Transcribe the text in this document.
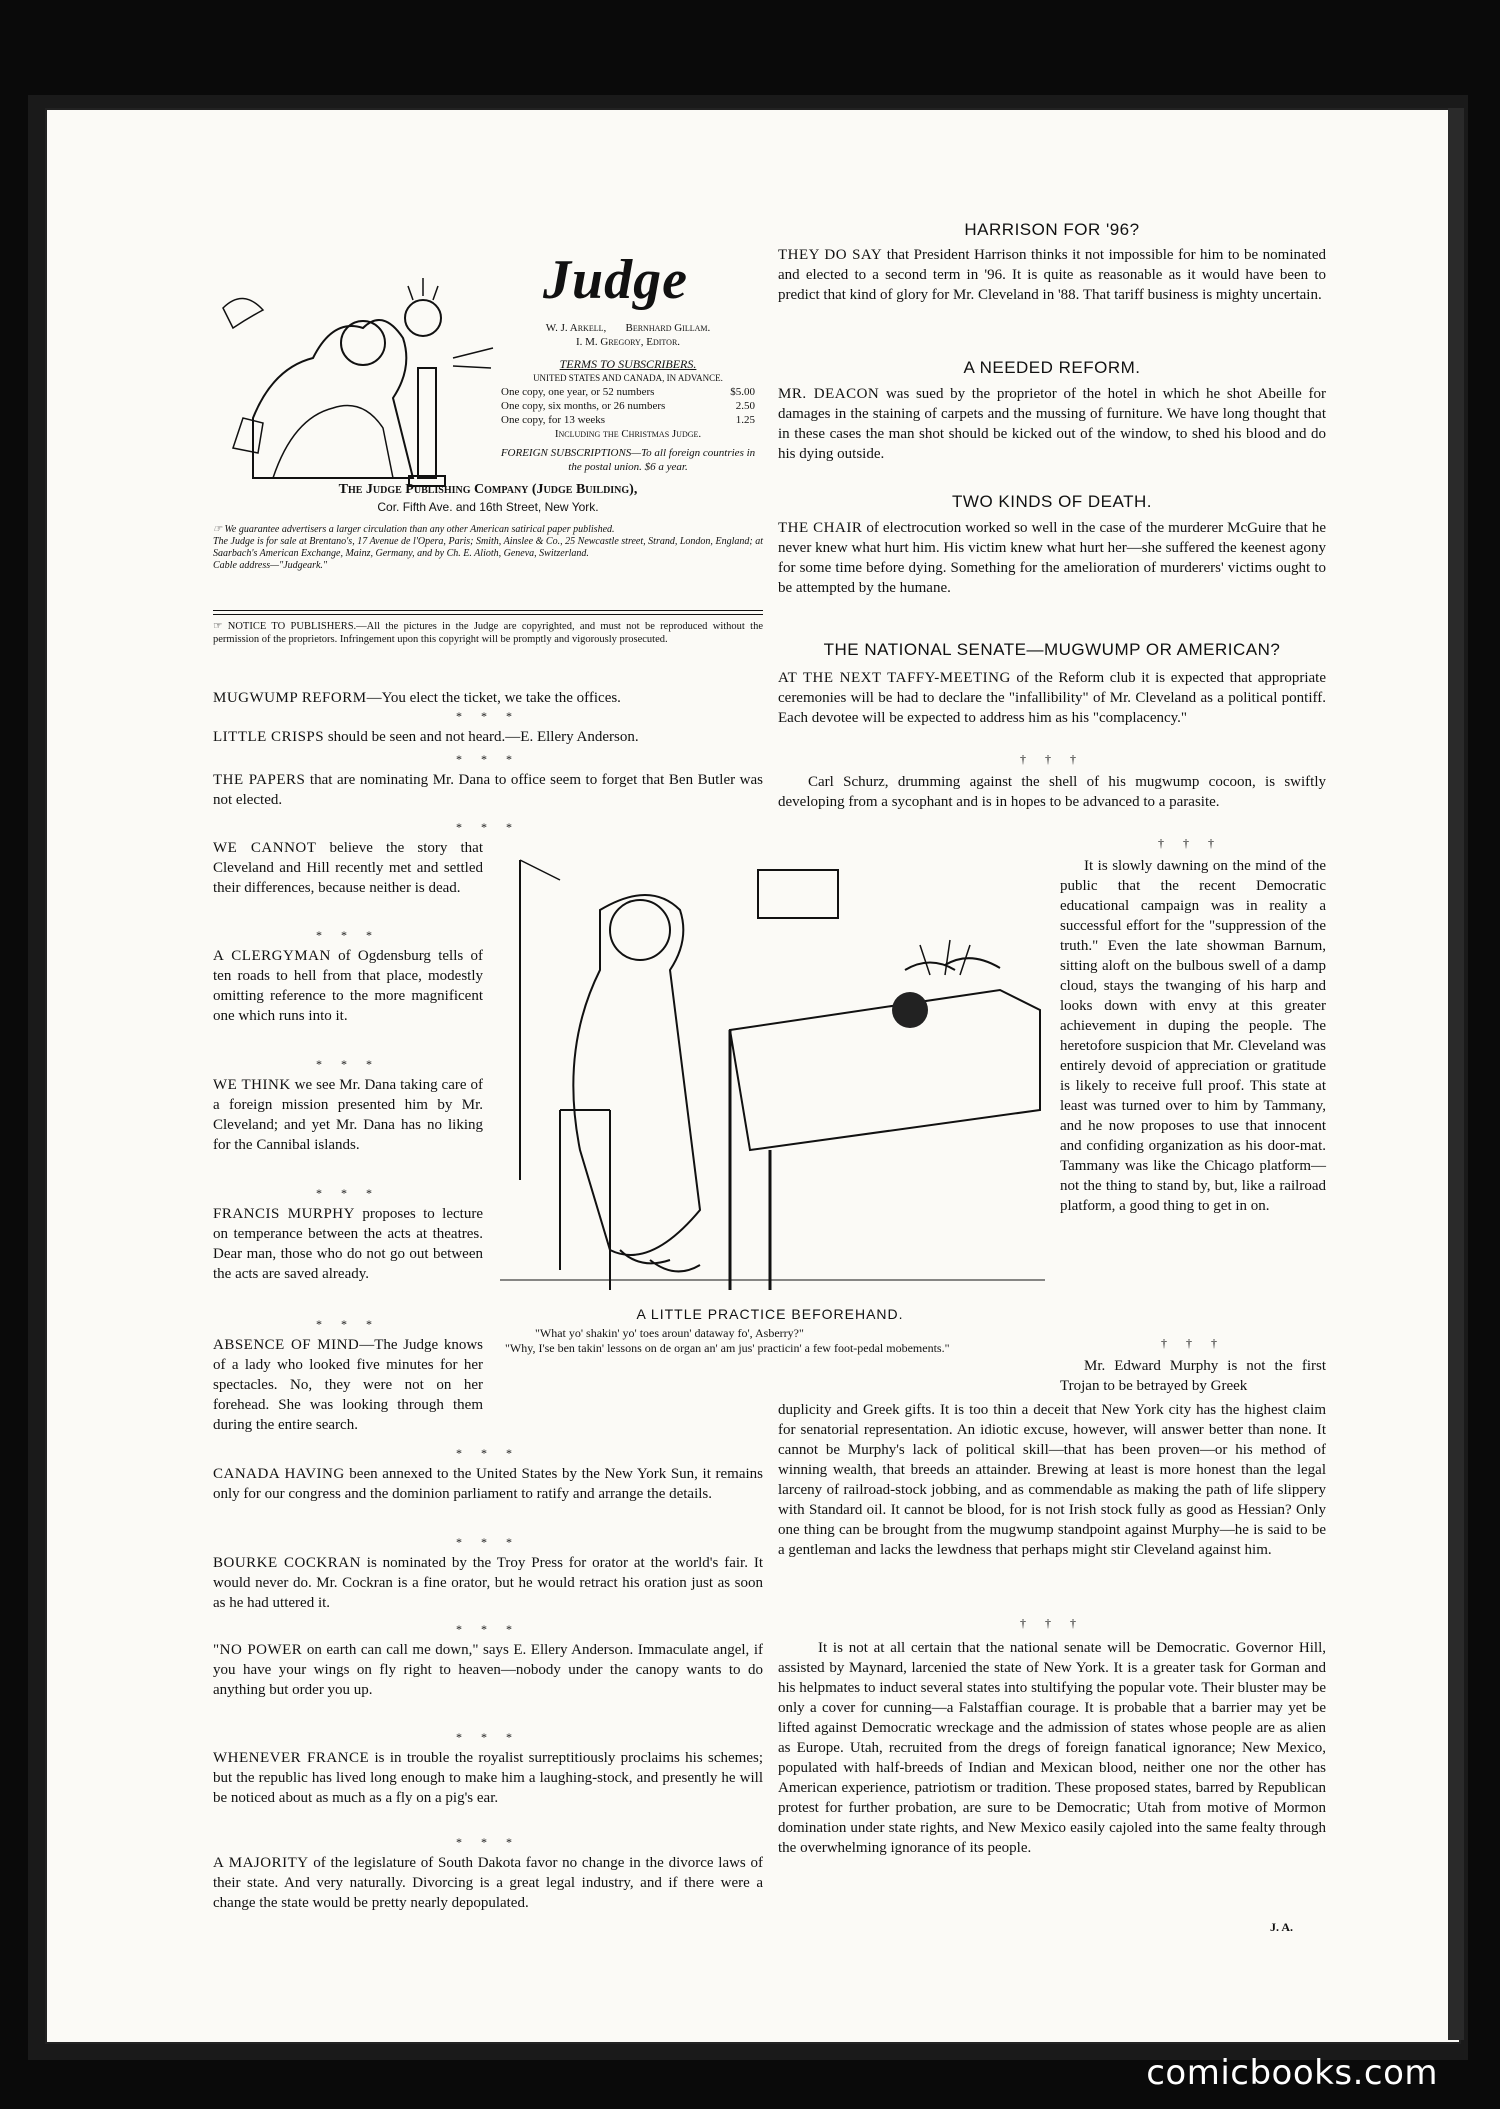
Judge
W. J. Arkell, Bernhard Gillam.
I. M. Gregory, Editor.
TERMS TO SUBSCRIBERS.
UNITED STATES AND CANADA, IN ADVANCE.
One copy, one year, or 52 numbers	$5.00
One copy, six months, or 26 numbers	2.50
One copy, for 13 weeks	1.25
Including the Christmas Judge.
FOREIGN SUBSCRIPTIONS—To all foreign countries in the postal union. $6 a year.
The Judge Publishing Company (Judge Building),
Cor. Fifth Ave. and 16th Street, New York.
☞ We guarantee advertisers a larger circulation than any other American satirical paper published.
The Judge is for sale at Brentano's, 17 Avenue de l'Opera, Paris; Smith, Ainslee & Co., 25 Newcastle street, Strand, London, England; at Saarbach's American Exchange, Mainz, Germany, and by Ch. E. Alioth, Geneva, Switzerland.
Cable address—"Judgeark."
☞ NOTICE TO PUBLISHERS.—All the pictures in the Judge are copyrighted, and must not be reproduced without the permission of the proprietors. Infringement upon this copyright will be promptly and vigorously prosecuted.
MUGWUMP REFORM—You elect the ticket, we take the offices.
* * *
LITTLE CRISPS should be seen and not heard.—E. Ellery Anderson.
* * *
THE PAPERS that are nominating Mr. Dana to office seem to forget that Ben Butler was not elected.
* * *
WE CANNOT believe the story that Cleveland and Hill recently met and settled their differences, because neither is dead.
* * *
A CLERGYMAN of Ogdensburg tells of ten roads to hell from that place, modestly omitting reference to the more magnificent one which runs into it.
* * *
WE THINK we see Mr. Dana taking care of a foreign mission presented him by Mr. Cleveland; and yet Mr. Dana has no liking for the Cannibal islands.
* * *
FRANCIS MURPHY proposes to lecture on temperance between the acts at theatres. Dear man, those who do not go out between the acts are saved already.
* * *
ABSENCE OF MIND—The Judge knows of a lady who looked five minutes for her spectacles. No, they were not on her forehead. She was looking through them during the entire search.
* * *
CANADA HAVING been annexed to the United States by the New York Sun, it remains only for our congress and the dominion parliament to ratify and arrange the details.
* * *
BOURKE COCKRAN is nominated by the Troy Press for orator at the world's fair. It would never do. Mr. Cockran is a fine orator, but he would retract his oration just as soon as he had uttered it.
* * *
"NO POWER on earth can call me down," says E. Ellery Anderson. Immaculate angel, if you have your wings on fly right to heaven—nobody under the canopy wants to do anything but order you up.
* * *
WHENEVER FRANCE is in trouble the royalist surreptitiously proclaims his schemes; but the republic has lived long enough to make him a laughing-stock, and presently he will be noticed about as much as a fly on a pig's ear.
* * *
A MAJORITY of the legislature of South Dakota favor no change in the divorce laws of their state. And very naturally. Divorcing is a great legal industry, and if there were a change the state would be pretty nearly depopulated.
A LITTLE PRACTICE BEFOREHAND.
"What yo' shakin' yo' toes aroun' dataway fo', Asberry?"
"Why, I'se ben takin' lessons on de organ an' am jus' practicin' a few foot-pedal mobements."
HARRISON FOR '96?
THEY DO SAY that President Harrison thinks it not impossible for him to be nominated and elected to a second term in '96. It is quite as reasonable as it would have been to predict that kind of glory for Mr. Cleveland in '88. That tariff business is mighty uncertain.
A NEEDED REFORM.
MR. DEACON was sued by the proprietor of the hotel in which he shot Abeille for damages in the staining of carpets and the mussing of furniture. We have long thought that in these cases the man shot should be kicked out of the window, to shed his blood and do his dying outside.
TWO KINDS OF DEATH.
THE CHAIR of electrocution worked so well in the case of the murderer McGuire that he never knew what hurt him. His victim knew what hurt her—she suffered the keenest agony for some time before dying. Something for the amelioration of murderers' victims ought to be attempted by the humane.
THE NATIONAL SENATE—MUGWUMP OR AMERICAN?
AT THE NEXT TAFFY-MEETING of the Reform club it is expected that appropriate ceremonies will be had to declare the "infallibility" of Mr. Cleveland as a political pontiff. Each devotee will be expected to address him as his "complacency."
† † †
Carl Schurz, drumming against the shell of his mugwump cocoon, is swiftly developing from a sycophant and is in hopes to be advanced to a parasite.
† † †
It is slowly dawning on the mind of the public that the recent Democratic educational campaign was in reality a successful effort for the "suppression of the truth." Even the late showman Barnum, sitting aloft on the bulbous swell of a damp cloud, stays the twanging of his harp and looks down with envy at this greater achievement in duping the people. The heretofore suspicion that Mr. Cleveland was entirely devoid of appreciation or gratitude is likely to receive full proof. This state at least was turned over to him by Tammany, and he now proposes to use that innocent and confiding organization as his door-mat. Tammany was like the Chicago platform—not the thing to stand by, but, like a railroad platform, a good thing to get in on.
† † †
Mr. Edward Murphy is not the first Trojan to be betrayed by Greek
duplicity and Greek gifts. It is too thin a deceit that New York city has the highest claim for senatorial representation. An idiotic excuse, however, will answer better than none. It cannot be Murphy's lack of political skill—that has been proven—or his method of winning wealth, that breeds an attainder. Brewing at least is more honest than the legal larceny of railroad-stock jobbing, and as commendable as making the path of life slippery with Standard oil. It cannot be blood, for is not Irish stock fully as good as Hessian? Only one thing can be brought from the mugwump standpoint against Murphy—he is said to be a gentleman and lacks the lewdness that perhaps might stir Cleveland against him.
† † †
It is not at all certain that the national senate will be Democratic. Governor Hill, assisted by Maynard, larcenied the state of New York. It is a greater task for Gorman and his helpmates to induct several states into stultifying the popular vote. Their bluster may be only a cover for cunning—a Falstaffian courage. It is probable that a barrier may yet be lifted against Democratic wreckage and the admission of states whose people are as alien as Europe. Utah, recruited from the dregs of foreign fanatical ignorance; New Mexico, populated with half-breeds of Indian and Mexican blood, neither one nor the other has American experience, patriotism or tradition. These proposed states, barred by Republican protest for further probation, are sure to be Democratic; Utah from motive of Mormon domination under state rights, and New Mexico easily cajoled into the same fealty through the overwhelming ignorance of its people.
J. A.
comicbooks.com
